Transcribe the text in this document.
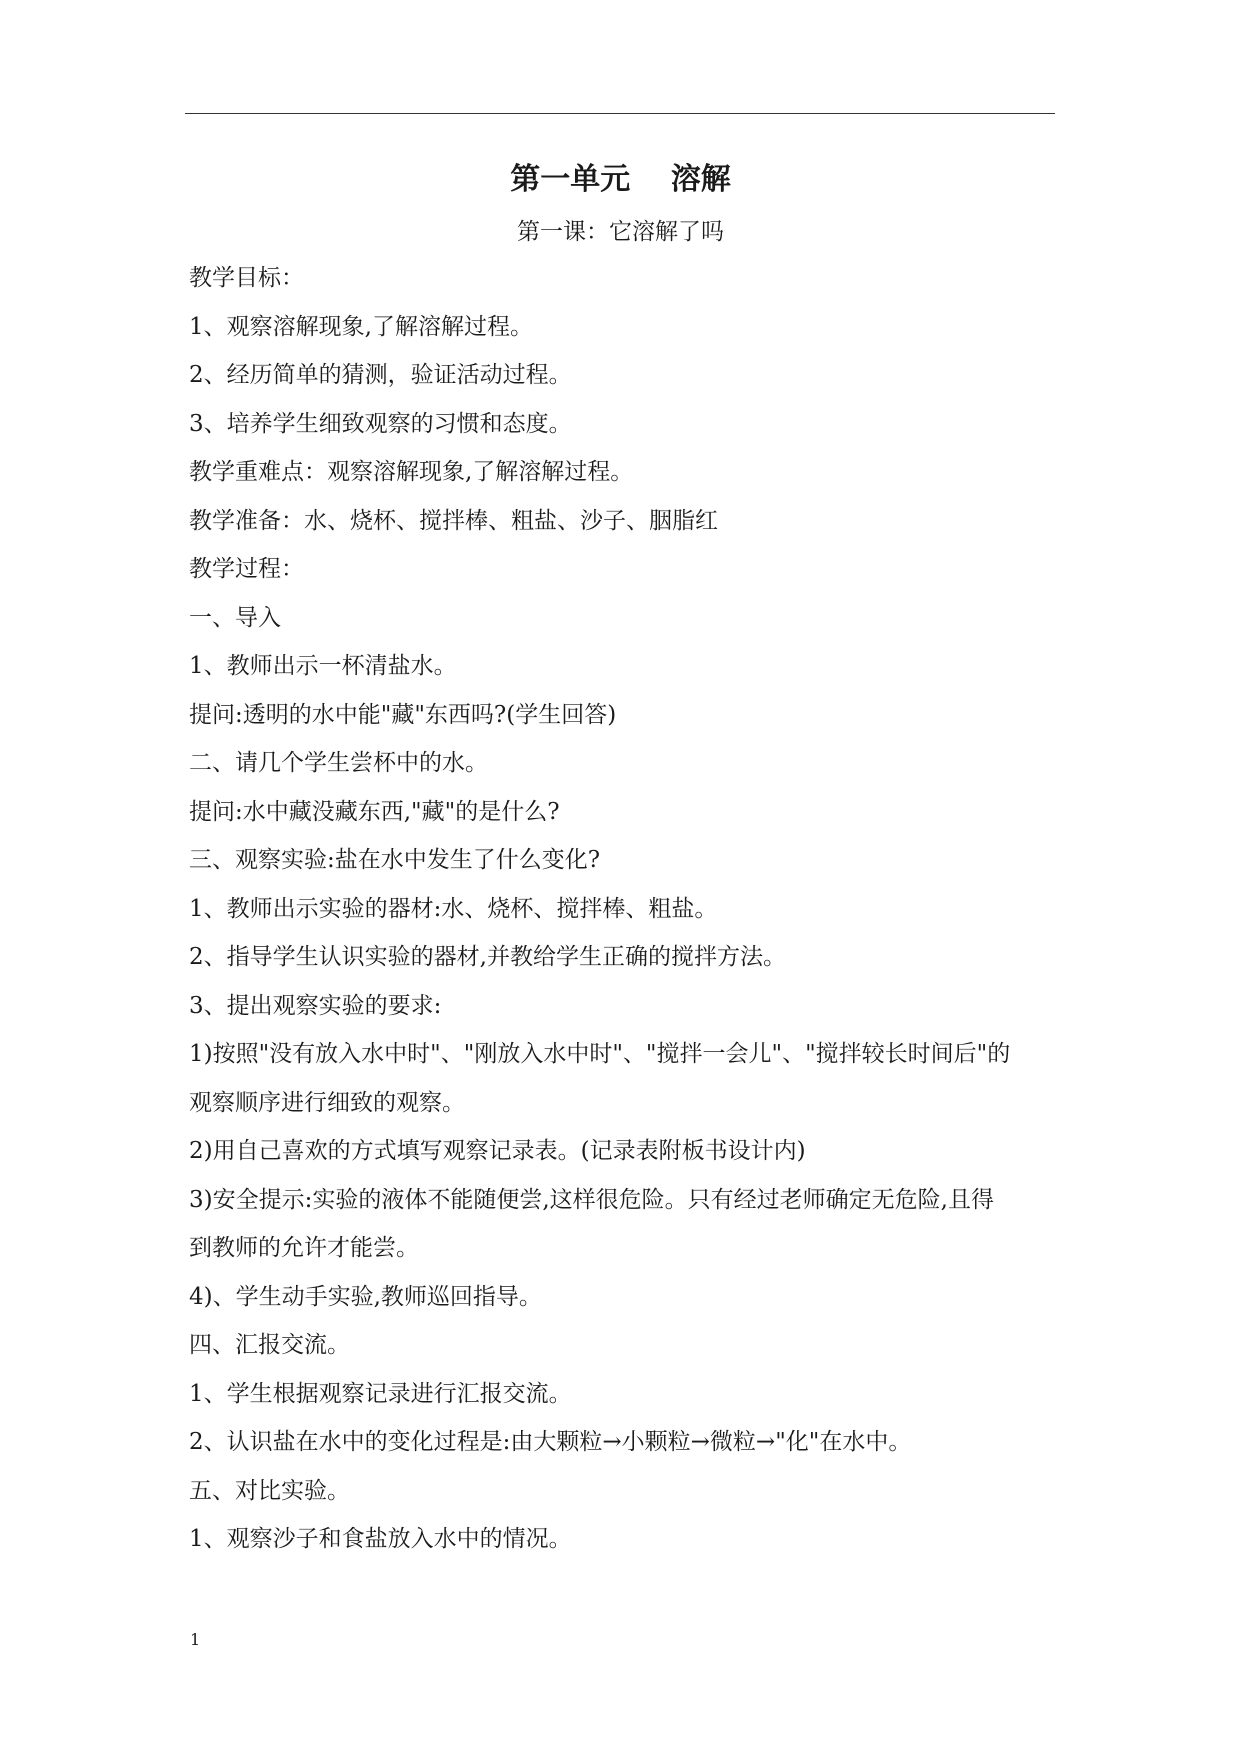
第一单元　 溶解
第一课：它溶解了吗
教学目标：
1、观察溶解现象,了解溶解过程。
2、经历简单的猜测，验证活动过程。
3、培养学生细致观察的习惯和态度。
教学重难点：观察溶解现象,了解溶解过程。
教学准备：水、烧杯、搅拌棒、粗盐、沙子、胭脂红
教学过程：
一、导入
1、教师出示一杯清盐水。
提问:透明的水中能"藏"东西吗?(学生回答)
二、请几个学生尝杯中的水。
提问:水中藏没藏东西,"藏"的是什么?
三、观察实验:盐在水中发生了什么变化?
1、教师出示实验的器材:水、烧杯、搅拌棒、粗盐。
2、指导学生认识实验的器材,并教给学生正确的搅拌方法。
3、提出观察实验的要求:
1)按照"没有放入水中时"、"刚放入水中时"、"搅拌一会儿"、"搅拌较长时间后"的
观察顺序进行细致的观察。
2)用自己喜欢的方式填写观察记录表。(记录表附板书设计内)
3)安全提示:实验的液体不能随便尝,这样很危险。只有经过老师确定无危险,且得
到教师的允许才能尝。
4)、学生动手实验,教师巡回指导。
四、汇报交流。
1、学生根据观察记录进行汇报交流。
2、认识盐在水中的变化过程是:由大颗粒→小颗粒→微粒→"化"在水中。
五、对比实验。
1、观察沙子和食盐放入水中的情况。
1
